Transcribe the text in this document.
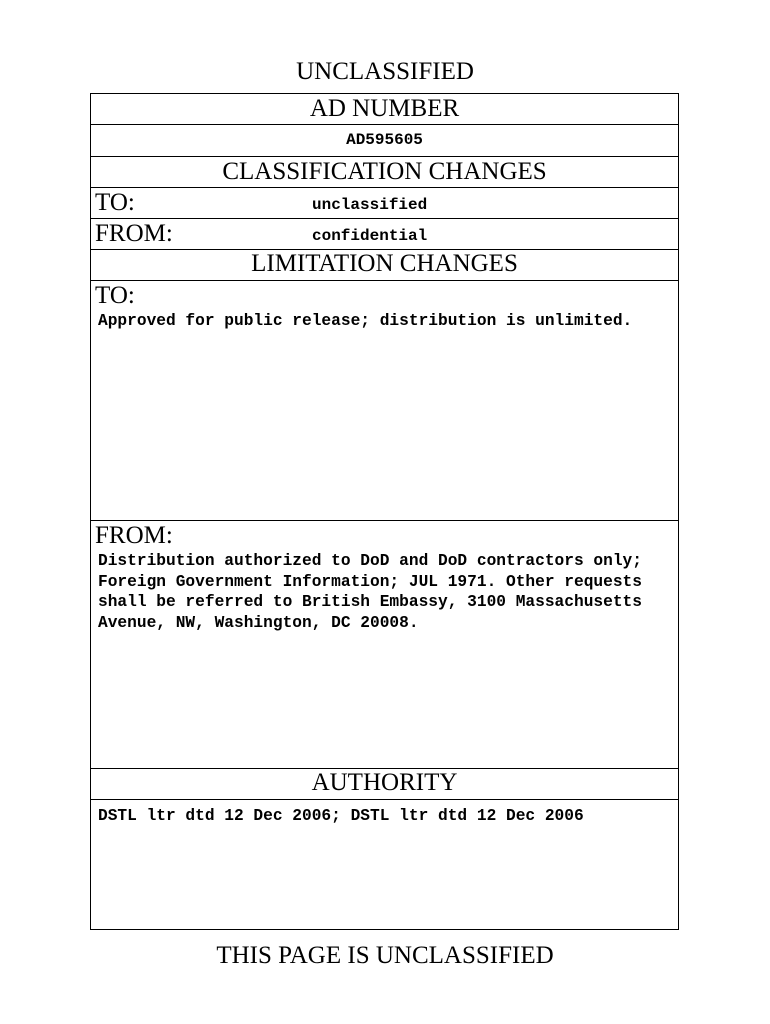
UNCLASSIFIED
AD NUMBER
AD595605
CLASSIFICATION CHANGES
TO:	unclassified
FROM:	confidential
LIMITATION CHANGES
TO:
Approved for public release; distribution is unlimited.
FROM:
Distribution authorized to DoD and DoD contractors only; Foreign Government Information; JUL 1971. Other requests shall be referred to British Embassy, 3100 Massachusetts Avenue, NW, Washington, DC 20008.
AUTHORITY
DSTL ltr dtd 12 Dec 2006; DSTL ltr dtd 12 Dec 2006
THIS PAGE IS UNCLASSIFIED
